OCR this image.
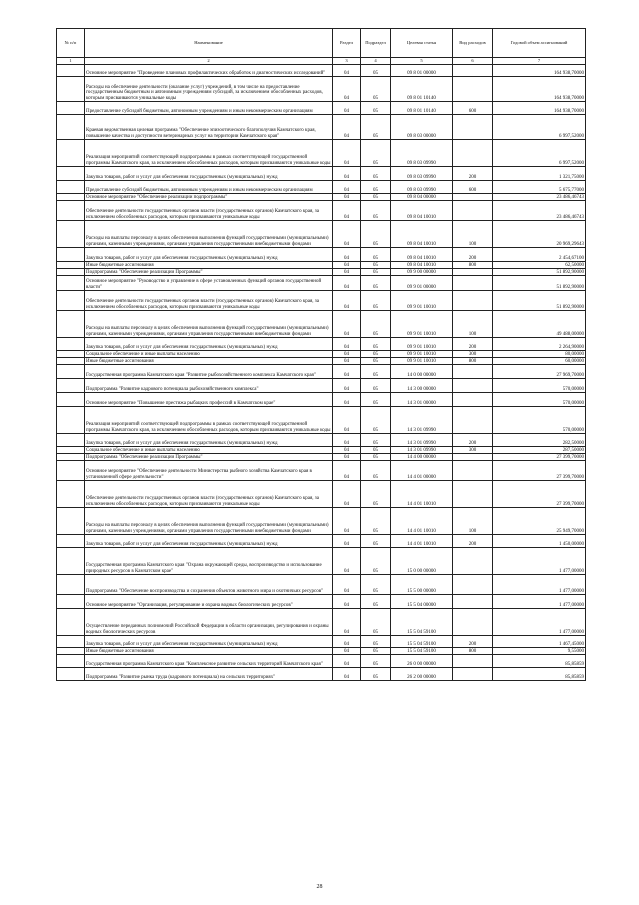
№ п/п	Наименование	Раздел	Подраздел	Целевая статья	Вид расходов	Годовой объем ассигнований
1	2	3	4	5	6	7
	Основное мероприятие "Проведение плановых профилактических обработок и диагностических исследований"	04	05	09 8 01 00000		164 938,70000
	Расходы на обеспечение деятельности (оказание услуг) учреждений, в том числе на предоставление государственным бюджетным и автономным учреждениям субсидий, за исключением обособленных расходов, которым присваиваются уникальные коды	04	05	09 8 01 10140		164 938,70000
	Предоставление субсидий бюджетным, автономным учреждениям и иным некоммерческим организациям	04	05	09 8 01 10140	600	164 938,70000
	Краевая ведомственная целевая программа "Обеспечение эпизоотического благополучия Камчатского края, повышение качества и доступности ветеринарных услуг на территории Камчатского края"	04	05	09 8 03 00000		6 997,52000
	Реализация мероприятий соответствующей подпрограммы в рамках соответствующей государственной программы Камчатского края, за исключением обособленных расходов, которым присваиваются уникальные коды	04	05	09 8 03 09990		6 997,52000
	Закупка товаров, работ и услуг для обеспечения государственных (муниципальных) нужд	04	05	09 8 03 09990	200	1 321,75000
	Предоставление субсидий бюджетным, автономным учреждениям и иным некоммерческим организациям	04	05	09 8 03 09990	600	5 675,77000
	Основное мероприятие "Обеспечение реализации подпрограммы"	04	05	09 8 04 00000		23 486,46743
	Обеспечение деятельности государственных органов власти (государственных органов) Камчатского края, за исключением обособленных расходов, которым присваиваются уникальные коды	04	05	09 8 04 10010		23 486,46743
	Расходы на выплаты персоналу в целях обеспечения выполнения функций государственными (муниципальными) органами, казенными учреждениями, органами управления государственными внебюджетными фондами	04	05	09 8 04 10010	100	20 969,29643
	Закупка товаров, работ и услуг для обеспечения государственных (муниципальных) нужд	04	05	09 8 04 10010	200	2 454,67100
	Иные бюджетные ассигнования	04	05	09 8 04 10010	800	62,50000
	Подпрограмма "Обеспечение реализации Программы"	04	05	09 9 00 00000		51 892,90000
	Основное мероприятие "Руководство и управление в сфере установленных функций органов государственной власти"	04	05	09 9 01 00000		51 892,90000
	Обеспечение деятельности государственных органов власти (государственных органов) Камчатского края, за исключением обособленных расходов, которым присваиваются уникальные коды	04	05	09 9 01 10010		51 892,90000
	Расходы на выплаты персоналу в целях обеспечения выполнения функций государственными (муниципальными) органами, казенными учреждениями, органами управления государственными внебюджетными фондами	04	05	09 9 01 10010	100	49 488,00000
	Закупка товаров, работ и услуг для обеспечения государственных (муниципальных) нужд	04	05	09 9 01 10010	200	2 264,90000
	Социальное обеспечение и иные выплаты населению	04	05	09 9 01 10010	300	80,00000
	Иные бюджетные ассигнования	04	05	09 9 01 10010	800	60,00000
	Государственная программа Камчатского края "Развитие рыбохозяйственного комплекса Камчатского края"	04	05	14 0 00 00000		27 969,70000
	Подпрограмма "Развитие кадрового потенциала рыбохозяйственного комплекса"	04	05	14 3 00 00000		570,00000
	Основное мероприятие "Повышение престижа рыбацких профессий в Камчатском крае"	04	05	14 3 01 00000		570,00000
	Реализация мероприятий соответствующей подпрограммы в рамках соответствующей государственной программы Камчатского края, за исключением обособленных расходов, которым присваиваются уникальные коды	04	05	14 3 01 09990		570,00000
	Закупка товаров, работ и услуг для обеспечения государственных (муниципальных) нужд	04	05	14 3 01 09990	200	282,50000
	Социальное обеспечение и иные выплаты населению	04	05	14 3 01 09990	300	287,50000
	Подпрограмма "Обеспечение реализации Программы"	04	05	14 4 00 00000		27 399,70000
	Основное мероприятие "Обеспечение деятельности Министерства рыбного хозяйства Камчатского края в установленной сфере деятельности"	04	05	14 4 01 00000		27 399,70000
	Обеспечение деятельности государственных органов власти (государственных органов) Камчатского края, за исключением обособленных расходов, которым присваиваются уникальные коды	04	05	14 4 01 10010		27 399,70000
	Расходы на выплаты персоналу в целях обеспечения выполнения функций государственными (муниципальными) органами, казенными учреждениями, органами управления государственными внебюджетными фондами	04	05	14 4 01 10010	100	25 949,70000
	Закупка товаров, работ и услуг для обеспечения государственных (муниципальных) нужд	04	05	14 4 01 10010	200	1 450,00000
	Государственная программа Камчатского края "Охрана окружающей среды, воспроизводство и использование природных ресурсов в Камчатском крае"	04	05	15 0 00 00000		1 477,00000
	Подпрограмма "Обеспечение воспроизводства и сохранения объектов животного мира и охотничьих ресурсов"	04	05	15 5 00 00000		1 477,00000
	Основное мероприятие "Организация, регулирование и охрана водных биологических ресурсов"	04	05	15 5 04 00000		1 477,00000
	Осуществление переданных полномочий Российской Федерации в области организации, регулирования и охраны водных биологических ресурсов	04	05	15 5 04 59100		1 477,00000
	Закупка товаров, работ и услуг для обеспечения государственных (муниципальных) нужд	04	05	15 5 04 59100	200	1 467,45000
	Иные бюджетные ассигнования	04	05	15 5 04 59100	800	9,55000
	Государственная программа Камчатского края "Комплексное развитие сельских территорий Камчатского края"	04	05	26 0 00 00000		85,85859
	Подпрограмма "Развитие рынка труда (кадрового потенциала) на сельских территориях"	04	05	26 2 00 00000		85,85859
28
